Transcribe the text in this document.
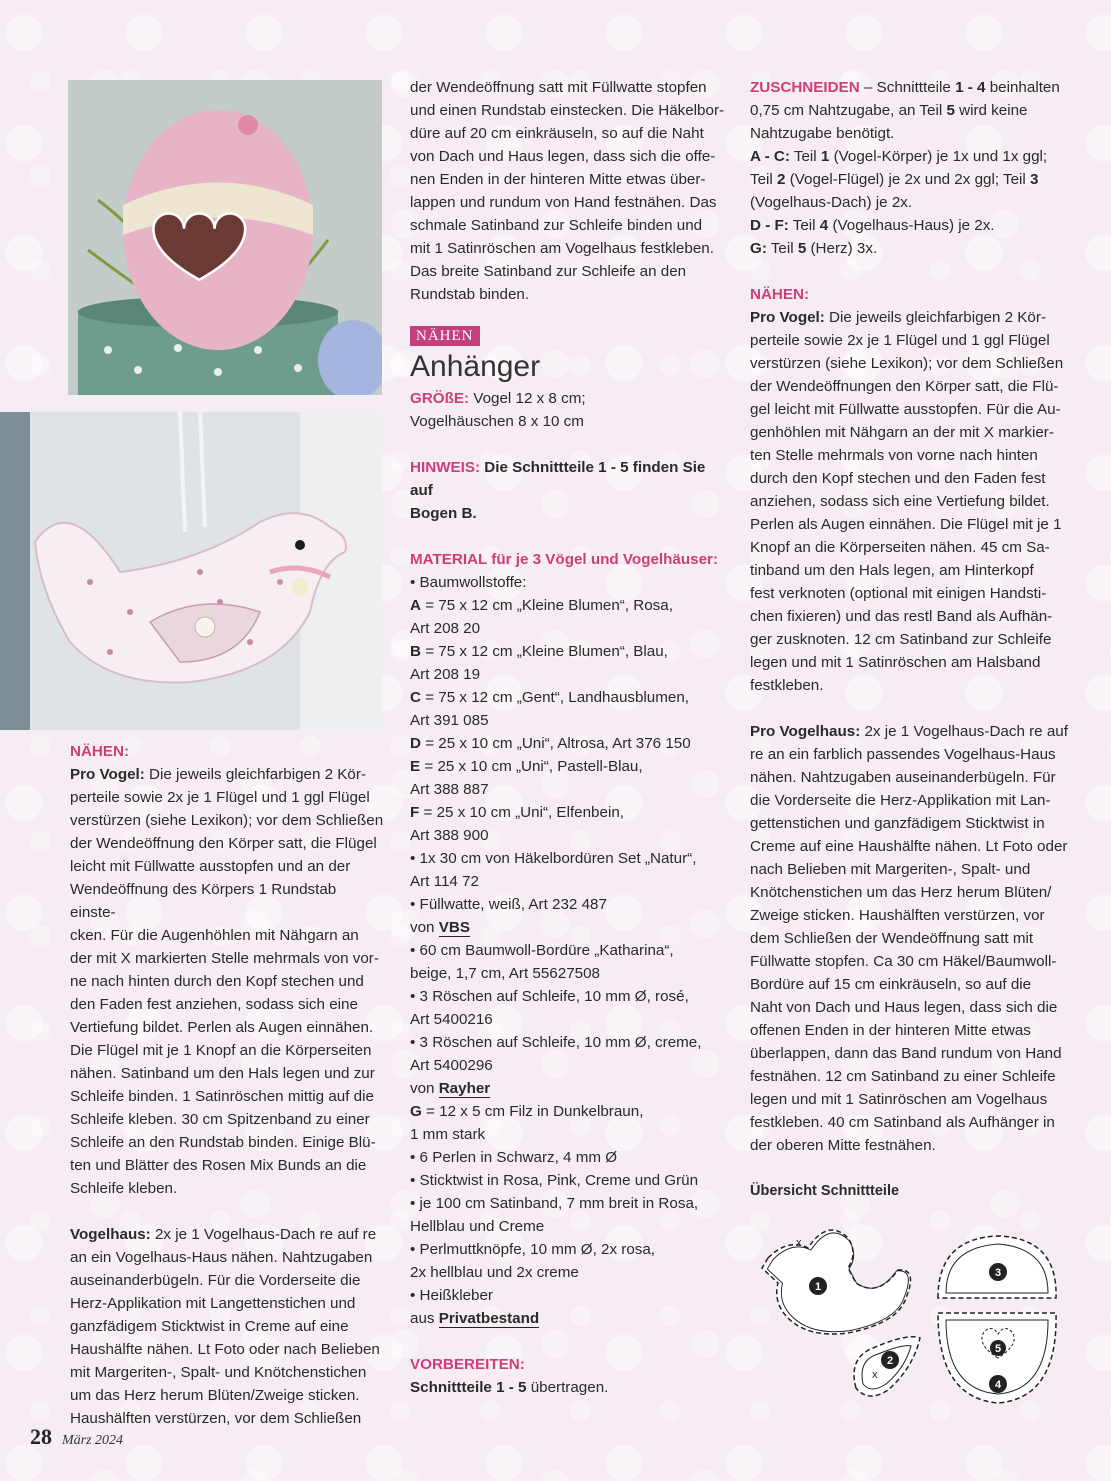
NÄHEN:

Pro Vogel: Die jeweils gleichfarbigen 2 Kör-

perteile sowie 2x je 1 Flügel und 1 ggl Flügel

verstürzen (siehe Lexikon); vor dem Schließen

der Wendeöffnung den Körper satt, die Flügel

leicht mit Füllwatte ausstopfen und an der

Wendeöffnung des Körpers 1 Rundstab einste-

cken. Für die Augenhöhlen mit Nähgarn an

der mit X markierten Stelle mehrmals von vor-

ne nach hinten durch den Kopf stechen und

den Faden fest anziehen, sodass sich eine

Vertiefung bildet. Perlen als Augen einnähen.

Die Flügel mit je 1 Knopf an die Körperseiten

nähen. Satinband um den Hals legen und zur

Schleife binden. 1 Satinröschen mittig auf die

Schleife kleben. 30 cm Spitzenband zu einer

Schleife an den Rundstab binden. Einige Blü-

ten und Blätter des Rosen Mix Bunds an die

Schleife kleben.

Vogelhaus: 2x je 1 Vogelhaus-Dach re auf re

an ein Vogelhaus-Haus nähen. Nahtzugaben

auseinanderbügeln. Für die Vorderseite die

Herz-Applikation mit Langettenstichen und

ganzfädigem Sticktwist in Creme auf eine

Haushälfte nähen. Lt Foto oder nach Belieben

mit Margeriten-, Spalt- und Knötchenstichen

um das Herz herum Blüten/Zweige sticken.

Haushälften verstürzen, vor dem Schließen

der Wendeöffnung satt mit Füllwatte stopfen

und einen Rundstab einstecken. Die Häkelbor-

düre auf 20 cm einkräuseln, so auf die Naht

von Dach und Haus legen, dass sich die offe-

nen Enden in der hinteren Mitte etwas über-

lappen und rundum von Hand festnähen. Das

schmale Satinband zur Schleife binden und

mit 1 Satinröschen am Vogelhaus festkleben.

Das breite Satinband zur Schleife an den

Rundstab binden.

NÄHEN

Anhänger

GRÖßE: Vogel 12 x 8 cm;

Vogelhäuschen 8 x 10 cm

HINWEIS: Die Schnittteile 1 - 5 finden Sie auf

Bogen B.

MATERIAL für je 3 Vögel und Vogelhäuser:

• Baumwollstoffe:

A = 75 x 12 cm „Kleine Blumen“, Rosa,

Art 208 20

B = 75 x 12 cm „Kleine Blumen“, Blau,

Art 208 19

C = 75 x 12 cm „Gent“, Landhausblumen,

Art 391 085

D = 25 x 10 cm „Uni“, Altrosa, Art 376 150

E = 25 x 10 cm „Uni“, Pastell-Blau,

Art 388 887

F = 25 x 10 cm „Uni“, Elfenbein,

Art 388 900

• 1x 30 cm von Häkelbordüren Set „Natur“,

Art 114 72

• Füllwatte, weiß, Art 232 487

von VBS

• 60 cm Baumwoll-Bordüre „Katharina“,

beige, 1,7 cm, Art 55627508

• 3 Röschen auf Schleife, 10 mm Ø, rosé,

Art 5400216

• 3 Röschen auf Schleife, 10 mm Ø, creme,

Art 5400296

von Rayher

G = 12 x 5 cm Filz in Dunkelbraun,

1 mm stark

• 6 Perlen in Schwarz, 4 mm Ø

• Sticktwist in Rosa, Pink, Creme und Grün

• je 100 cm Satinband, 7 mm breit in Rosa,

Hellblau und Creme

• Perlmuttknöpfe, 10 mm Ø, 2x rosa,

2x hellblau und 2x creme

• Heißkleber

aus Privatbestand

VORBEREITEN:

Schnittteile 1 - 5 übertragen.

ZUSCHNEIDEN – Schnittteile 1 - 4 beinhalten

0,75 cm Nahtzugabe, an Teil 5 wird keine

Nahtzugabe benötigt.

A - C: Teil 1 (Vogel-Körper) je 1x und 1x ggl;

Teil 2 (Vogel-Flügel) je 2x und 2x ggl; Teil 3

(Vogelhaus-Dach) je 2x.

D - F: Teil 4 (Vogelhaus-Haus) je 2x.

G: Teil 5 (Herz) 3x.

NÄHEN:

Pro Vogel: Die jeweils gleichfarbigen 2 Kör-

perteile sowie 2x je 1 Flügel und 1 ggl Flügel

verstürzen (siehe Lexikon); vor dem Schließen

der Wendeöffnungen den Körper satt, die Flü-

gel leicht mit Füllwatte ausstopfen. Für die Au-

genhöhlen mit Nähgarn an der mit X markier-

ten Stelle mehrmals von vorne nach hinten

durch den Kopf stechen und den Faden fest

anziehen, sodass sich eine Vertiefung bildet.

Perlen als Augen einnähen. Die Flügel mit je 1

Knopf an die Körperseiten nähen. 45 cm Sa-

tinband um den Hals legen, am Hinterkopf

fest verknoten (optional mit einigen Handsti-

chen fixieren) und das restl Band als Aufhän-

ger zusknoten. 12 cm Satinband zur Schleife

legen und mit 1 Satinröschen am Halsband

festkleben.

Pro Vogelhaus: 2x je 1 Vogelhaus-Dach re auf

re an ein farblich passendes Vogelhaus-Haus

nähen. Nahtzugaben auseinanderbügeln. Für

die Vorderseite die Herz-Applikation mit Lan-

gettenstichen und ganzfädigem Sticktwist in

Creme auf eine Haushälfte nähen. Lt Foto oder

nach Belieben mit Margeriten-, Spalt- und

Knötchenstichen um das Herz herum Blüten/

Zweige sticken. Haushälften verstürzen, vor

dem Schließen der Wendeöffnung satt mit

Füllwatte stopfen. Ca 30 cm Häkel/Baumwoll-

Bordüre auf 15 cm einkräuseln, so auf die

Naht von Dach und Haus legen, dass sich die

offenen Enden in der hinteren Mitte etwas

überlappen, dann das Band rundum von Hand

festnähen. 12 cm Satinband zu einer Schleife

legen und mit 1 Satinröschen am Vogelhaus

festkleben. 40 cm Satinband als Aufhänger in

der oberen Mitte festnähen.

Übersicht Schnittteile

1
2
3
4
5
x
x
28 März 2024
